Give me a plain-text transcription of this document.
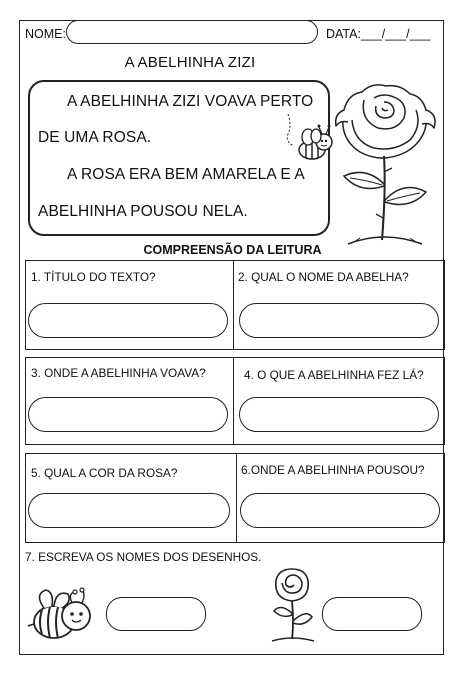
NOME:	DATA:___/___/___
A ABELHINHA ZIZI
A ABELHINHA ZIZI VOAVA PERTO
DE UMA ROSA.
A ROSA ERA BEM AMARELA E A
ABELHINHA POUSOU NELA.
COMPREENSÃO DA LEITURA
1. TÍTULO DO TEXTO?	2. QUAL O NOME DA ABELHA?
3. ONDE A ABELHINHA VOAVA?	4. O QUE A ABELHINHA FEZ LÁ?
5. QUAL A COR DA ROSA?	6.ONDE A ABELHINHA POUSOU?
7. ESCREVA OS NOMES DOS DESENHOS.
